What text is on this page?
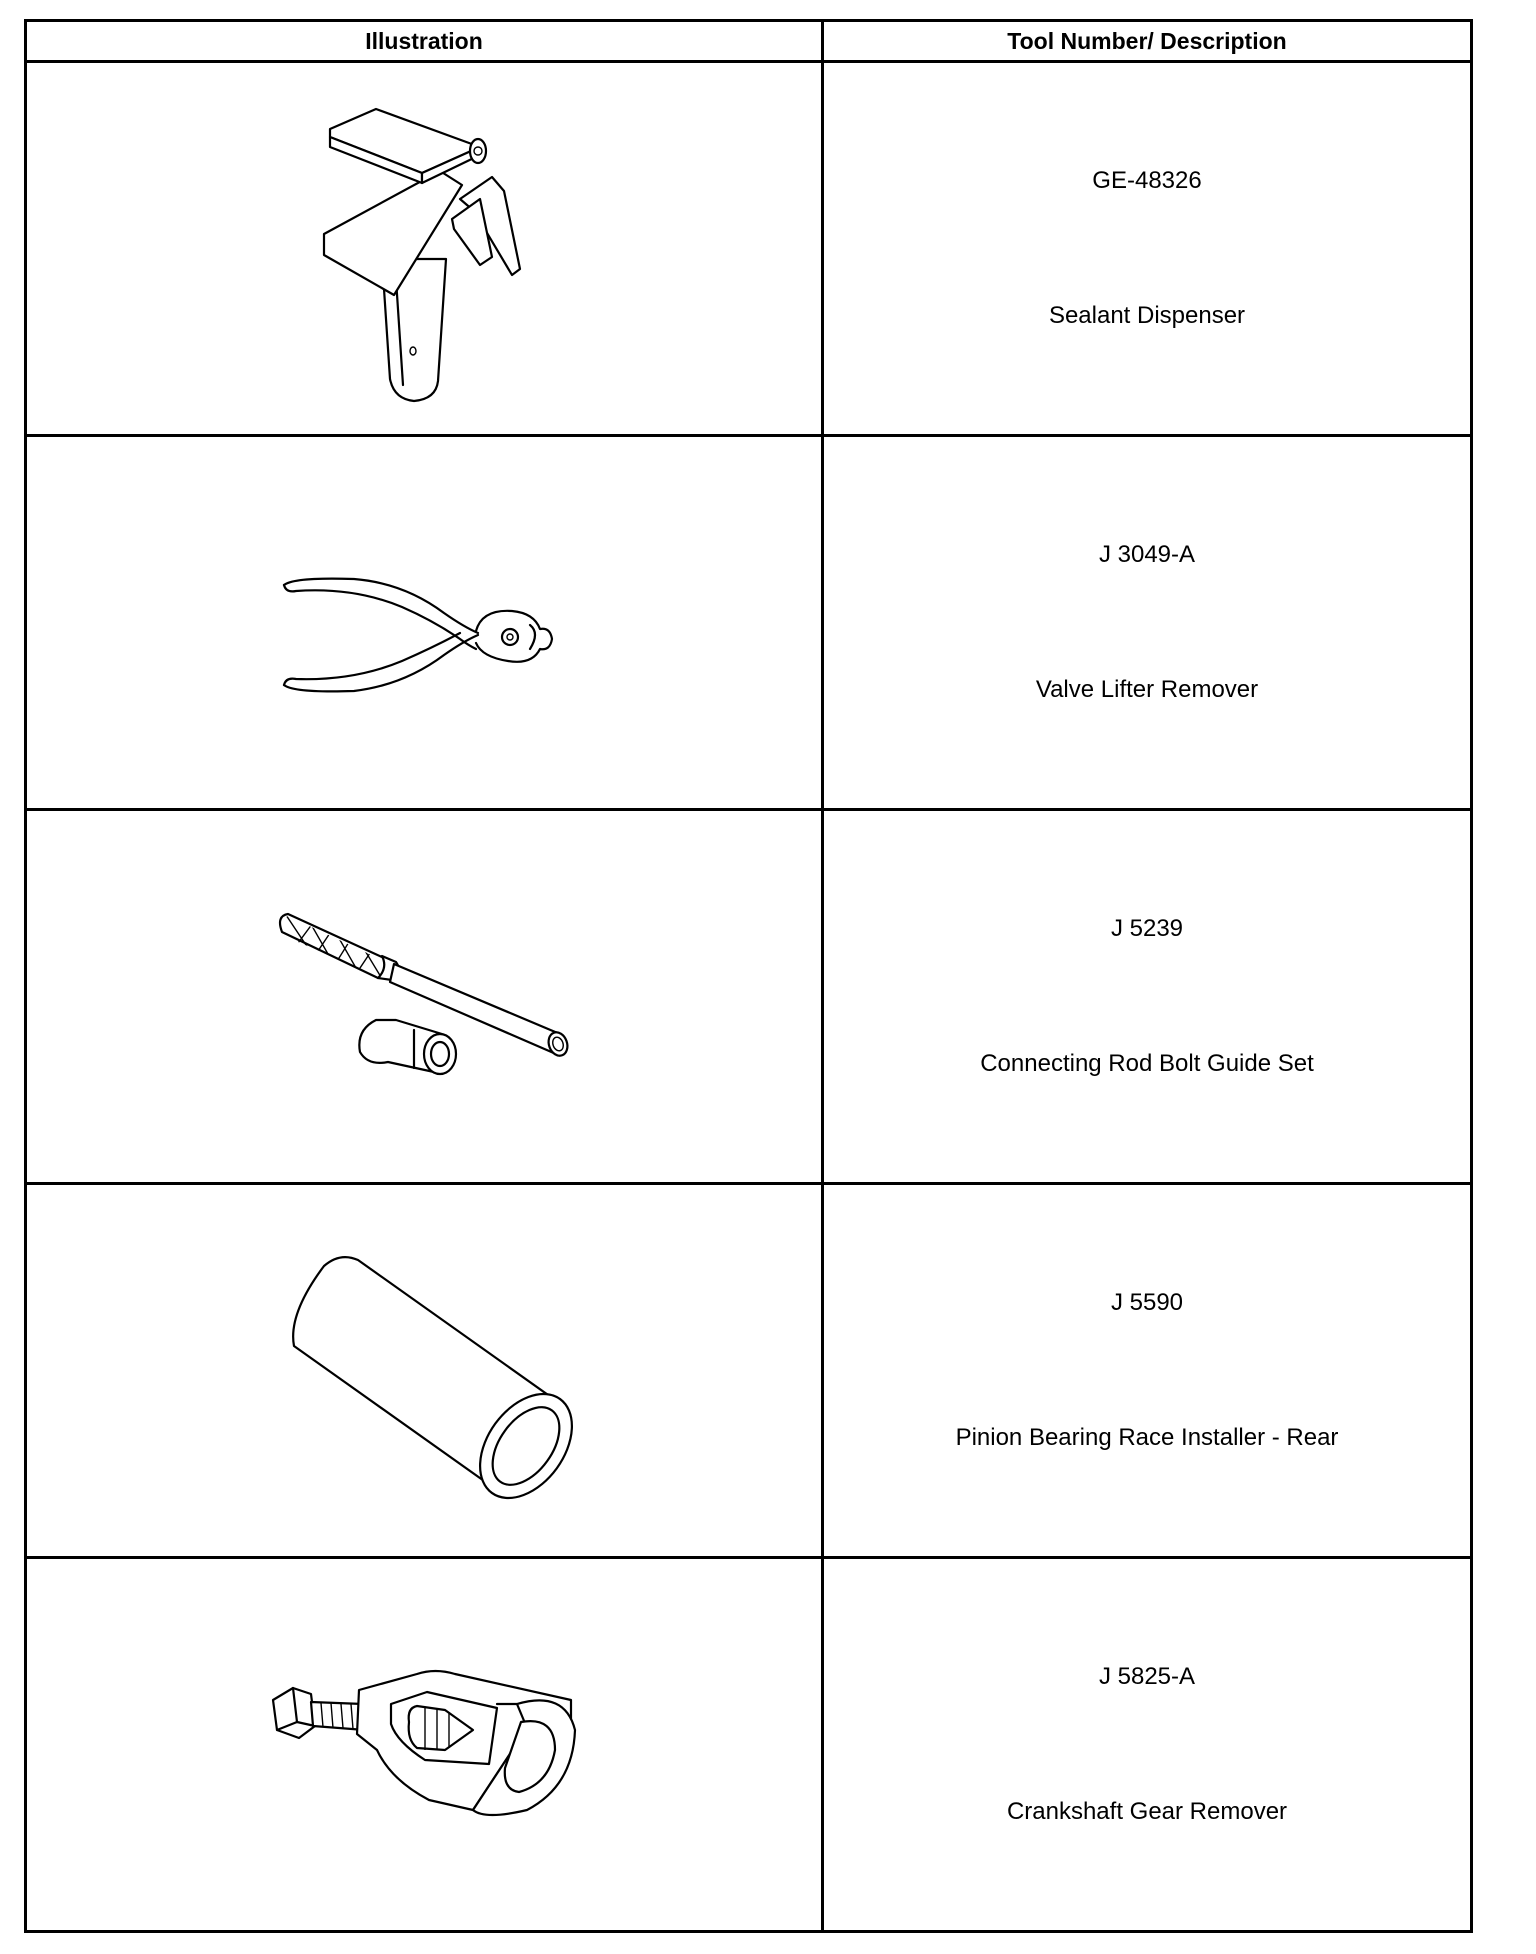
Illustration	Tool Number/ Description

GE-48326
Sealant Dispenser

J 3049-A
Valve Lifter Remover

J 5239
Connecting Rod Bolt Guide Set

J 5590
Pinion Bearing Race Installer - Rear

J 5825-A
Crankshaft Gear Remover
